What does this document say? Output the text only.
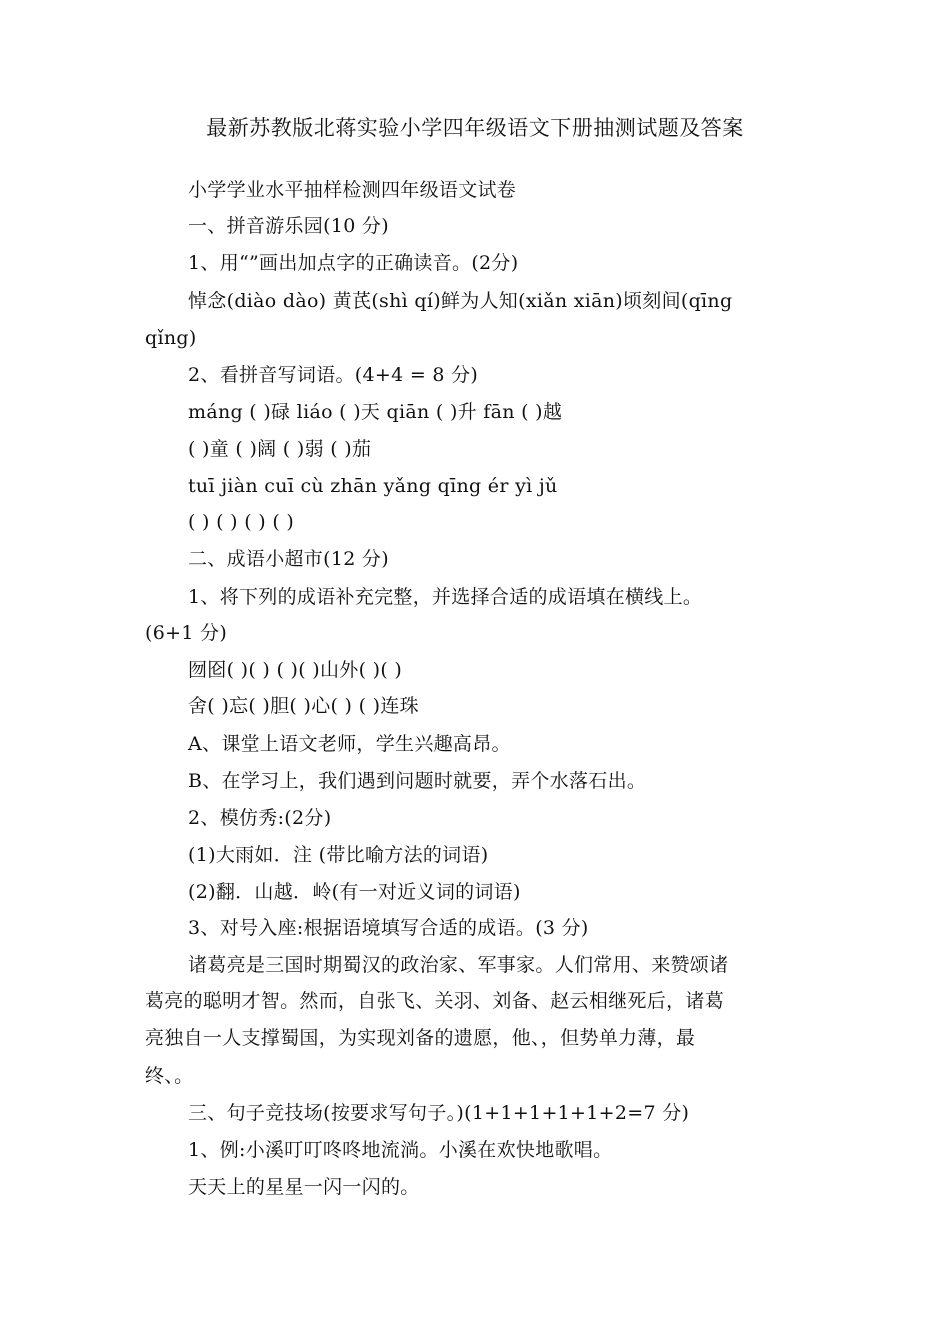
最新苏教版北蒋实验小学四年级语文下册抽测试题及答案
小学学业水平抽样检测四年级语文试卷
一、拼音游乐园(10 分)
1、用“”画出加点字的正确读音。(2分)
悼念(diào dào) 黄芪(shì qí)鲜为人知(xiǎn xiān)顷刻间(qīng
qǐng)
2、看拼音写词语。(4+4 = 8 分)
máng ( )碌 liáo ( )天 qiān ( )升 fān ( )越
( )童 ( )阔 ( )弱 ( )茄
tuī jiàn cuī cù zhān yǎng qīng ér yì jǔ
( ) ( ) ( ) ( )
二、成语小超市(12 分)
1、将下列的成语补充完整，并选择合适的成语填在横线上。
(6+1 分)
囫囵( )( ) ( )( )山外( )( )
舍( )忘( )胆( )心( ) ( )连珠
A、课堂上语文老师，学生兴趣高昂。
B、在学习上，我们遇到问题时就要，弄个水落石出。
2、模仿秀:(2分)
(1)大雨如．注 (带比喻方法的词语)
(2)翻．山越．岭(有一对近义词的词语)
3、对号入座:根据语境填写合适的成语。(3 分)
诸葛亮是三国时期蜀汉的政治家、军事家。人们常用、来赞颂诸
葛亮的聪明才智。然而，自张飞、关羽、刘备、赵云相继死后，诸葛
亮独自一人支撑蜀国，为实现刘备的遗愿，他、，但势单力薄，最
终、。
三、句子竞技场(按要求写句子。)(1+1+1+1+1+2=7 分)
1、例:小溪叮叮咚咚地流淌。小溪在欢快地歌唱。
天天上的星星一闪一闪的。
